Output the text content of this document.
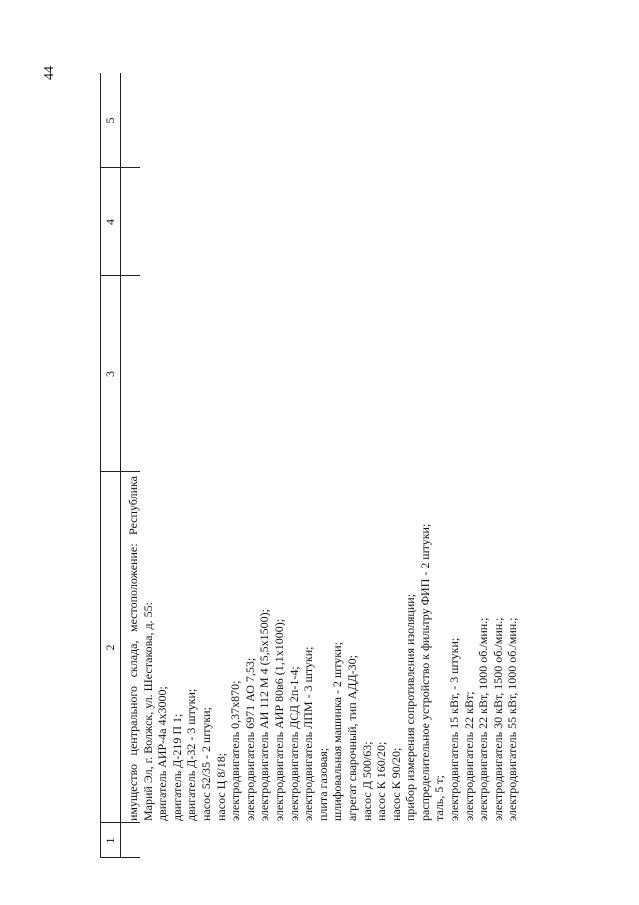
44
1
2
3
4
5
имущество
центрального
склада,
местоположение:
Республика
Марий Эл, г. Волжск, ул. Шестакова, д. 55: двигатель АИР-4а 4х3000; двигатель Д-219 П 1; двигатель Д-32 - 3 штуки; насос 52/35 - 2 штуки; насос Ц 8/18; электродвигатель 0,37х870; электродвигатель 6971 АО 7,53; электродвигатель АИ 112 М 4 (5,5х1500); электродвигатель АИР 80в6 (1,1х1000); электродвигатель ДСД 2п-1-4; электродвигатель ЛПМ - 3 штуки; плита газовая; шлифовальная машинка - 2 штуки; агрегат сварочный, тип АДД-30; насос Д 500/63; насос К 160/20; насос К 90/20; прибор измерения сопротивления изоляции; распределительное устройство к фильтру ФИП - 2 штуки; таль, 5 т; электродвигатель 15 кВт, - 3 штуки; электродвигатель 22 кВт; электродвигатель 22 кВт, 1000 об./мин.; электродвигатель 30 кВт, 1500 об./мин.; электродвигатель 55 кВт, 1000 об./мин.;
